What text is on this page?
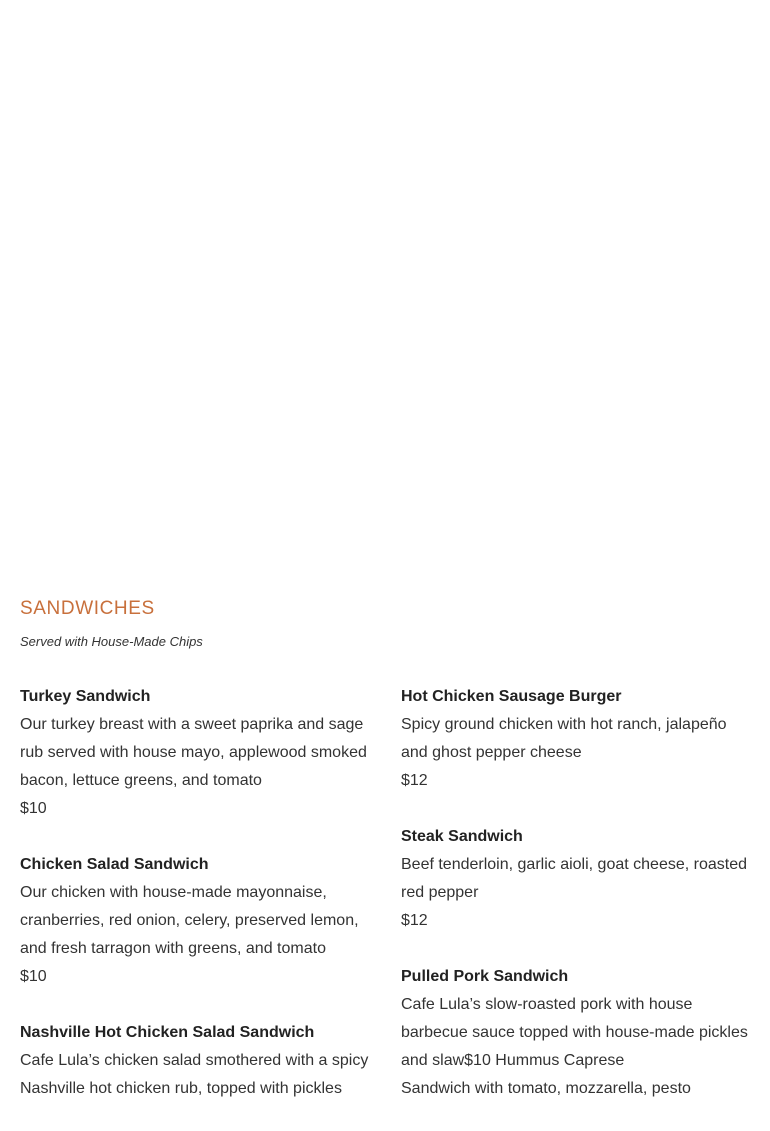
SANDWICHES

Served with House-Made Chips

Turkey Sandwich
Our turkey breast with a sweet paprika and sage rub served with house mayo, applewood smoked bacon, lettuce greens, and tomato
$10
Chicken Salad Sandwich
Our chicken with house-made mayonnaise, cranberries, red onion, celery, preserved lemon, and fresh tarragon with greens, and tomato
$10
Nashville Hot Chicken Salad Sandwich
Cafe Lula’s chicken salad smothered with a spicy Nashville hot chicken rub, topped with pickles
Hot Chicken Sausage Burger
Spicy ground chicken with hot ranch, jalapeño and ghost pepper cheese
$12
Steak Sandwich
Beef tenderloin, garlic aioli, goat cheese, roasted red pepper
$12
Pulled Pork Sandwich
Cafe Lula’s slow-roasted pork with house barbecue sauce topped with house-made pickles and slaw$10 Hummus Caprese
Sandwich with tomato, mozzarella, pesto
